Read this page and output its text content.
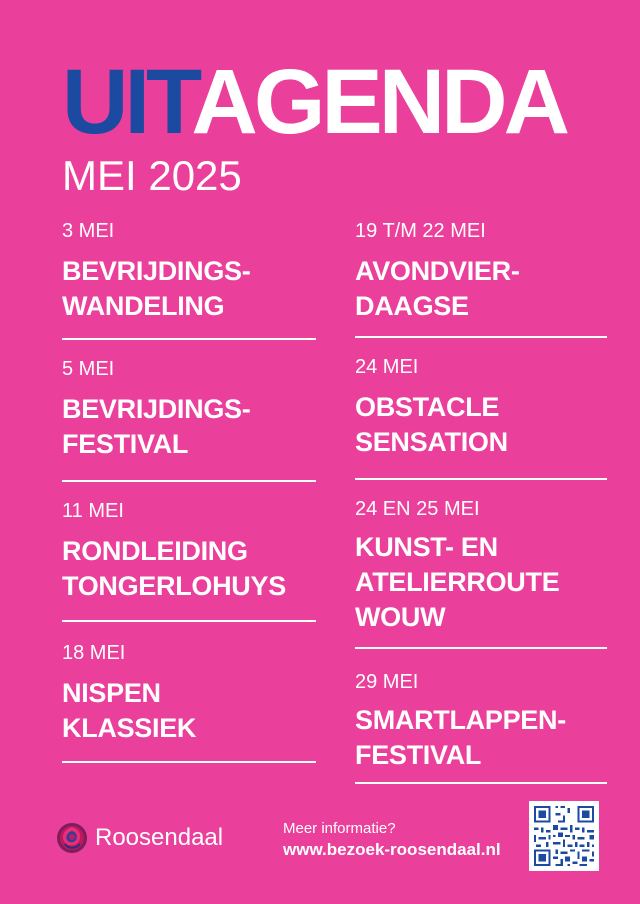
UITAGENDA
MEI 2025
3 MEI
BEVRIJDINGS-
WANDELING
5 MEI
BEVRIJDINGS-
FESTIVAL
11 MEI
RONDLEIDING
TONGERLOHUYS
18 MEI
NISPEN
KLASSIEK
19 T/M 22 MEI
AVONDVIER-
DAAGSE
24 MEI
OBSTACLE
SENSATION
24 EN 25 MEI
KUNST- EN
ATELIERROUTE
WOUW
29 MEI
SMARTLAPPEN-
FESTIVAL
Roosendaal	Meer informatie?
www.bezoek-roosendaal.nl
